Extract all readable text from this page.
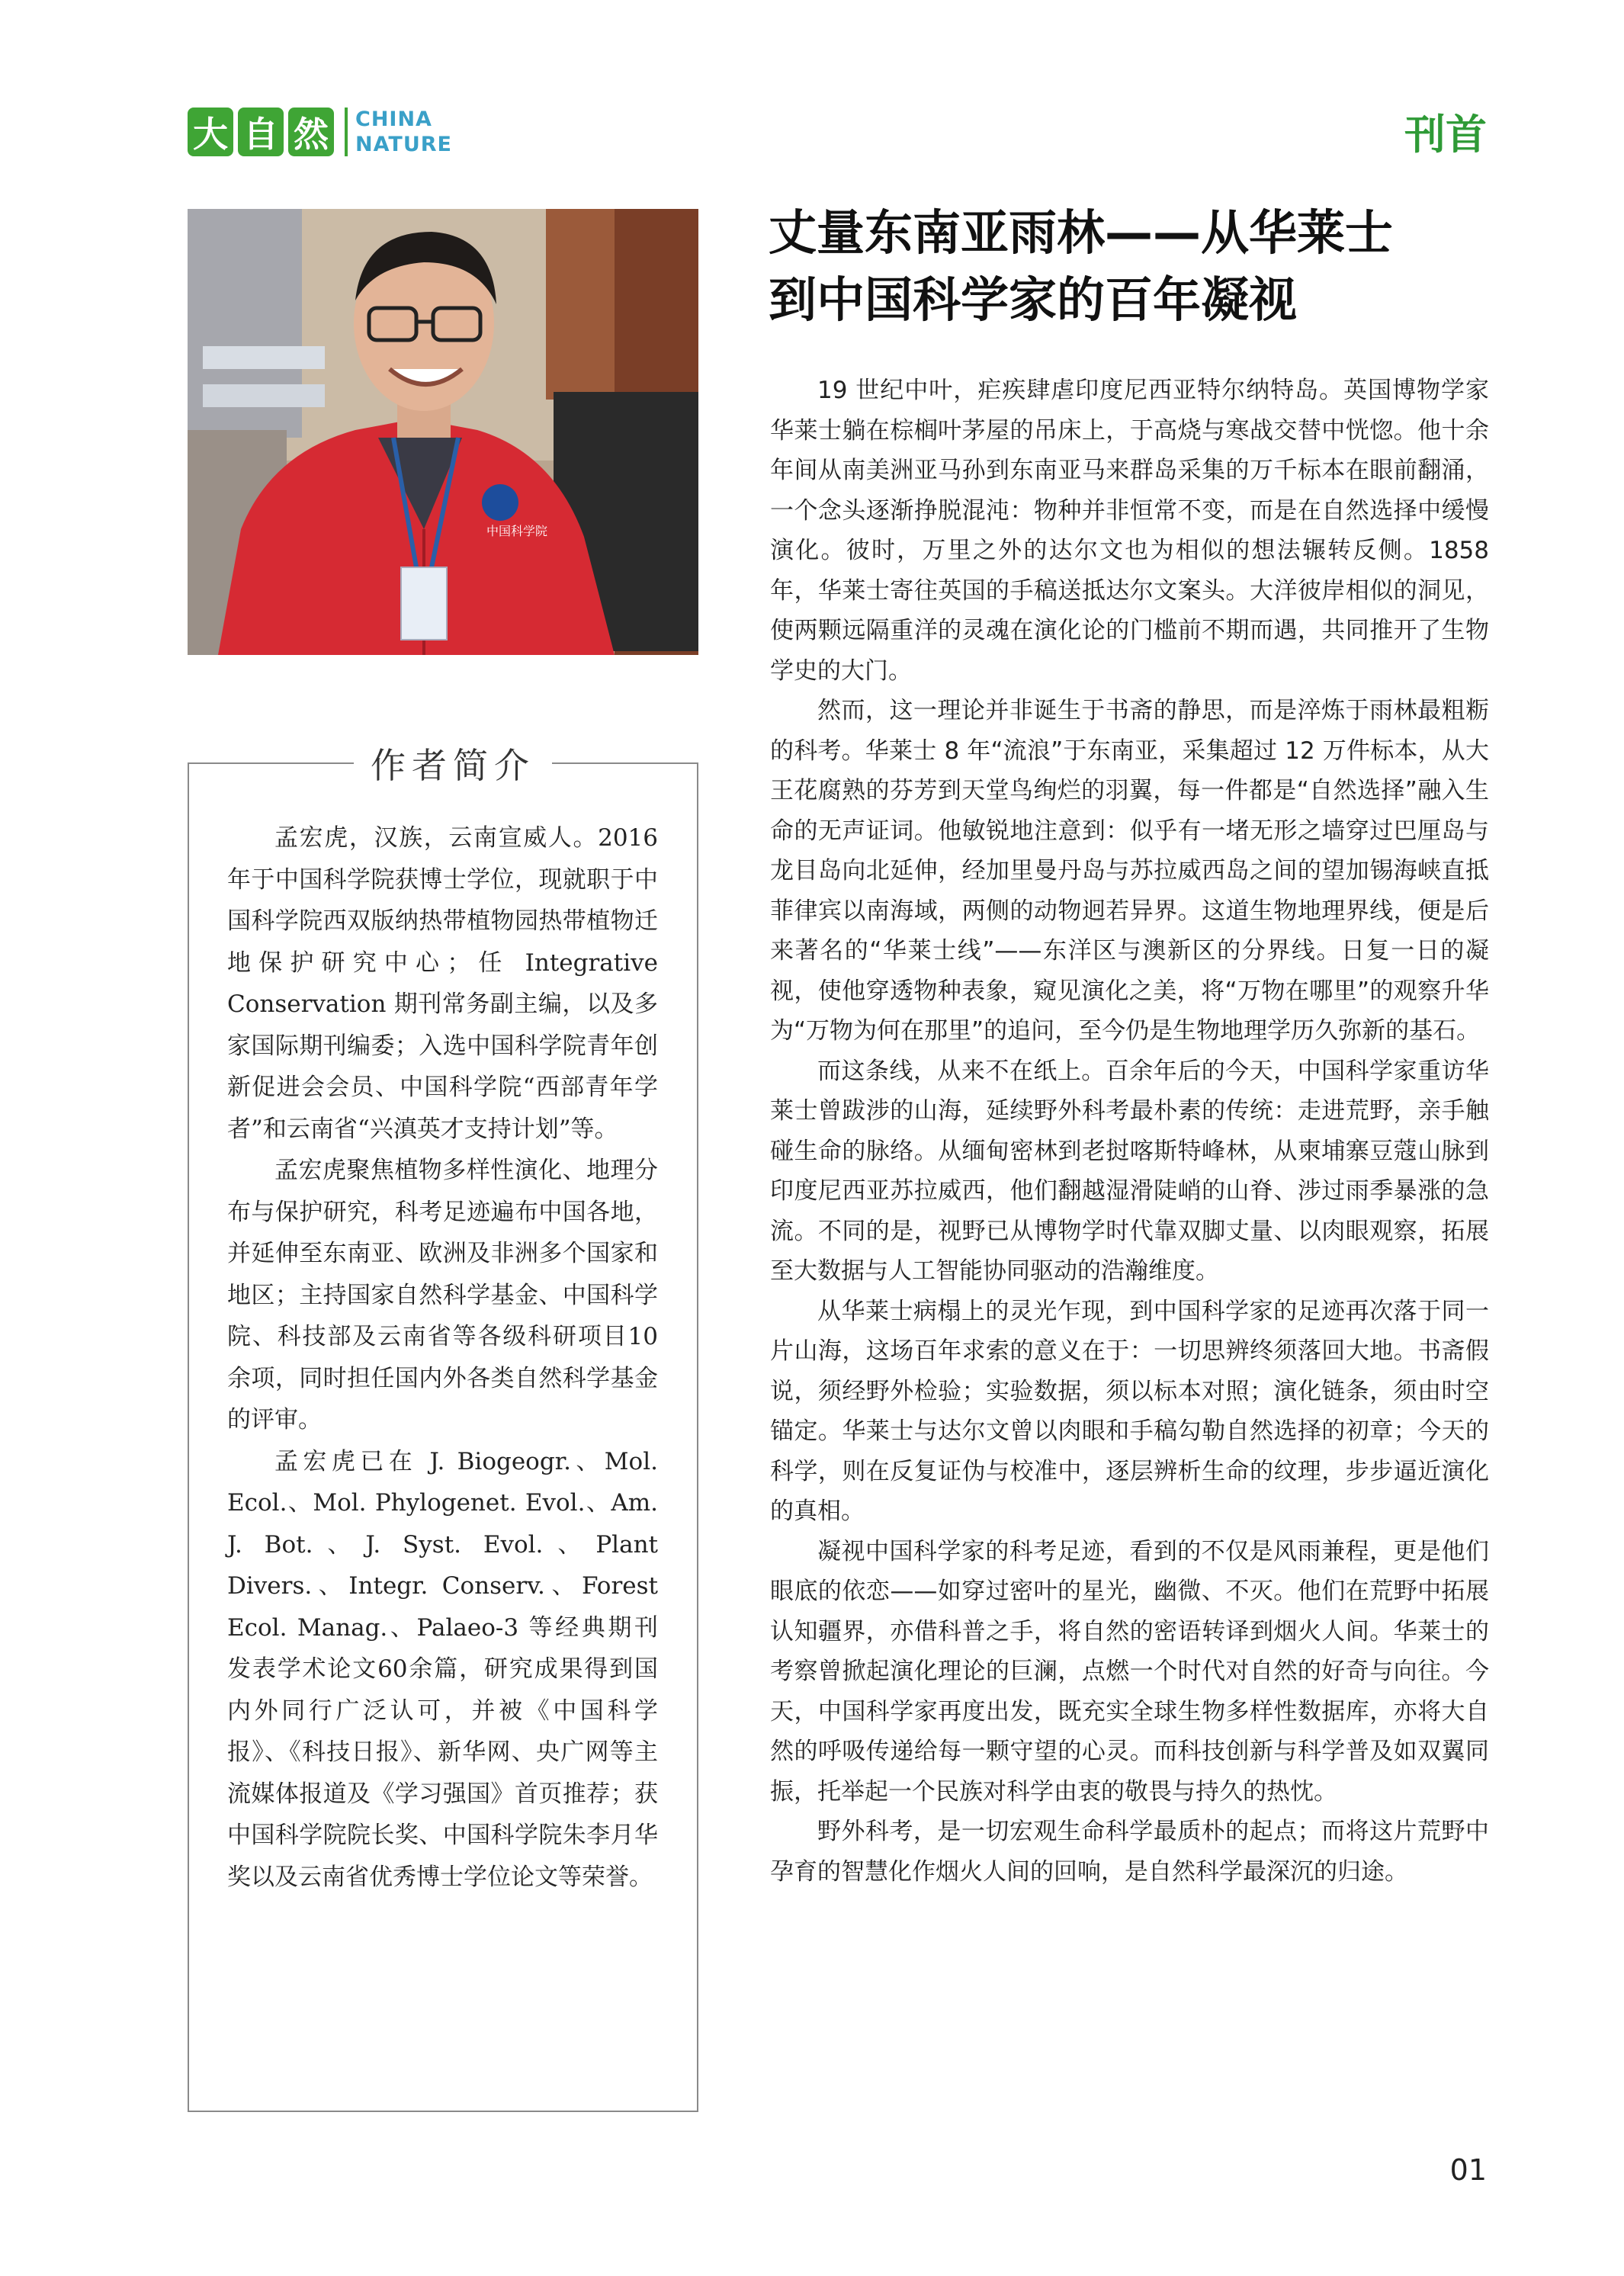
大 自 然 CHINA
NATURE	刊首
中国科学院
作者简介

孟宏虎，汉族，云南宣威人。2016年于中国科学院获博士学位，现就职于中国科学院西双版纳热带植物园热带植物迁地保护研究中心；任 Integrative Conservation 期刊常务副主编，以及多家国际期刊编委；入选中国科学院青年创新促进会会员、中国科学院“西部青年学者”和云南省“兴滇英才支持计划”等。

孟宏虎聚焦植物多样性演化、地理分布与保护研究，科考足迹遍布中国各地，并延伸至东南亚、欧洲及非洲多个国家和地区；主持国家自然科学基金、中国科学院、科技部及云南省等各级科研项目10余项，同时担任国内外各类自然科学基金的评审。

孟宏虎已在 J. Biogeogr.、Mol. Ecol.、Mol. Phylogenet. Evol.、Am. J. Bot.、J. Syst. Evol.、Plant Divers.、Integr. Conserv.、Forest Ecol. Manag.、Palaeo-3 等经典期刊发表学术论文60余篇，研究成果得到国内外同行广泛认可，并被《中国科学报》、《科技日报》、新华网、央广网等主流媒体报道及《学习强国》首页推荐；获中国科学院院长奖、中国科学院朱李月华奖以及云南省优秀博士学位论文等荣誉。

丈量东南亚雨林——从华莱士
到中国科学家的百年凝视

19 世纪中叶，疟疾肆虐印度尼西亚特尔纳特岛。英国博物学家华莱士躺在棕榈叶茅屋的吊床上，于高烧与寒战交替中恍惚。他十余年间从南美洲亚马孙到东南亚马来群岛采集的万千标本在眼前翻涌，一个念头逐渐挣脱混沌：物种并非恒常不变，而是在自然选择中缓慢演化。彼时，万里之外的达尔文也为相似的想法辗转反侧。1858 年，华莱士寄往英国的手稿送抵达尔文案头。大洋彼岸相似的洞见，使两颗远隔重洋的灵魂在演化论的门槛前不期而遇，共同推开了生物学史的大门。

然而，这一理论并非诞生于书斋的静思，而是淬炼于雨林最粗粝的科考。华莱士 8 年“流浪”于东南亚，采集超过 12 万件标本，从大王花腐熟的芬芳到天堂鸟绚烂的羽翼，每一件都是“自然选择”融入生命的无声证词。他敏锐地注意到：似乎有一堵无形之墙穿过巴厘岛与龙目岛向北延伸，经加里曼丹岛与苏拉威西岛之间的望加锡海峡直抵菲律宾以南海域，两侧的动物迥若异界。这道生物地理界线，便是后来著名的“华莱士线”——东洋区与澳新区的分界线。日复一日的凝视，使他穿透物种表象，窥见演化之美，将“万物在哪里”的观察升华为“万物为何在那里”的追问，至今仍是生物地理学历久弥新的基石。

而这条线，从来不在纸上。百余年后的今天，中国科学家重访华莱士曾跋涉的山海，延续野外科考最朴素的传统：走进荒野，亲手触碰生命的脉络。从缅甸密林到老挝喀斯特峰林，从柬埔寨豆蔻山脉到印度尼西亚苏拉威西，他们翻越湿滑陡峭的山脊、涉过雨季暴涨的急流。不同的是，视野已从博物学时代靠双脚丈量、以肉眼观察，拓展至大数据与人工智能协同驱动的浩瀚维度。

从华莱士病榻上的灵光乍现，到中国科学家的足迹再次落于同一片山海，这场百年求索的意义在于：一切思辨终须落回大地。书斋假说，须经野外检验；实验数据，须以标本对照；演化链条，须由时空锚定。华莱士与达尔文曾以肉眼和手稿勾勒自然选择的初章；今天的科学，则在反复证伪与校准中，逐层辨析生命的纹理，步步逼近演化的真相。

凝视中国科学家的科考足迹，看到的不仅是风雨兼程，更是他们眼底的依恋——如穿过密叶的星光，幽微、不灭。他们在荒野中拓展认知疆界，亦借科普之手，将自然的密语转译到烟火人间。华莱士的考察曾掀起演化理论的巨澜，点燃一个时代对自然的好奇与向往。今天，中国科学家再度出发，既充实全球生物多样性数据库，亦将大自然的呼吸传递给每一颗守望的心灵。而科技创新与科学普及如双翼同振，托举起一个民族对科学由衷的敬畏与持久的热忱。

野外科考，是一切宏观生命科学最质朴的起点；而将这片荒野中孕育的智慧化作烟火人间的回响，是自然科学最深沉的归途。

01
